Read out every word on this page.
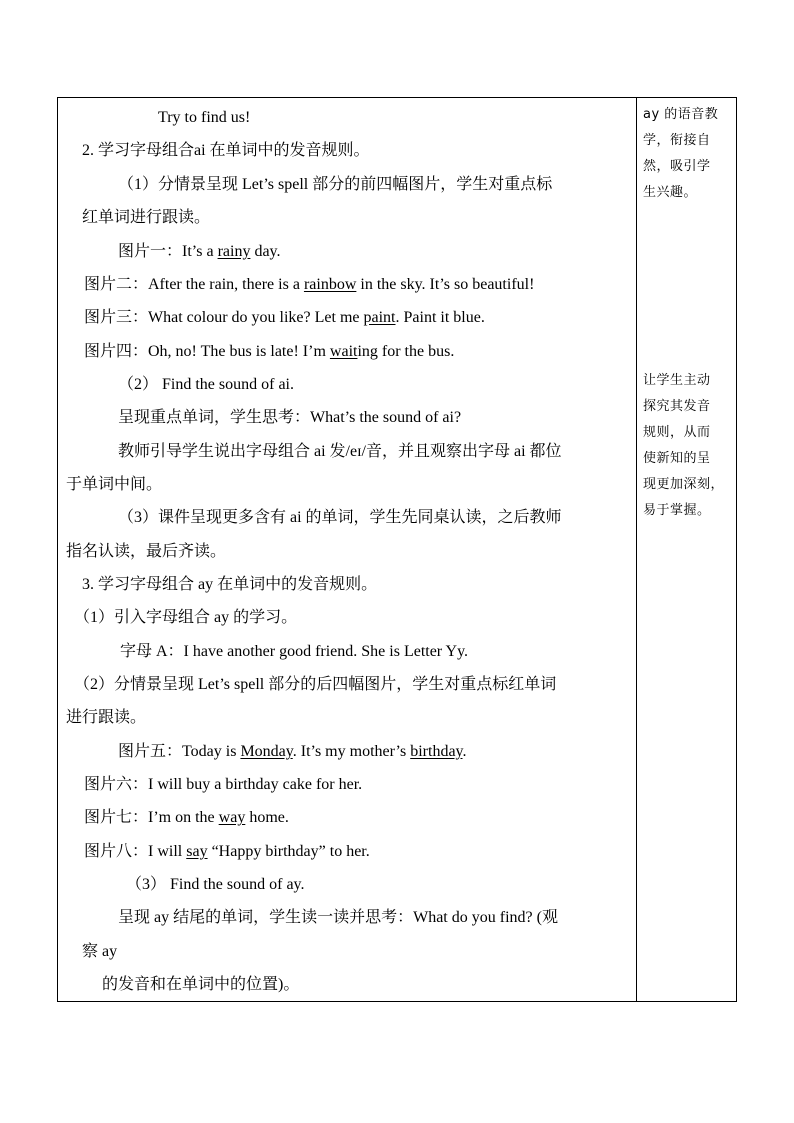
Try to find us!
2. 学习字母组合ai 在单词中的发音规则。
（1）分情景呈现 Let’s spell 部分的前四幅图片，学生对重点标
红单词进行跟读。
图片一：It’s a rainy day.
图片二：After the rain, there is a rainbow in the sky. It’s so beautiful!
图片三：What colour do you like? Let me paint. Paint it blue.
图片四：Oh, no! The bus is late! I’m waiting for the bus.
（2） Find the sound of ai.
呈现重点单词，学生思考：What’s the sound of ai?
教师引导学生说出字母组合 ai 发/eɪ/音，并且观察出字母 ai 都位
于单词中间。
（3）课件呈现更多含有 ai 的单词，学生先同桌认读，之后教师
指名认读，最后齐读。
3. 学习字母组合 ay 在单词中的发音规则。
（1）引入字母组合 ay 的学习。
字母 A：I have another good friend. She is Letter Yy.
（2）分情景呈现 Let’s spell 部分的后四幅图片，学生对重点标红单词
进行跟读。
图片五：Today is Monday. It’s my mother’s birthday.
图片六：I will buy a birthday cake for her.
图片七：I’m on the way home.
图片八：I will say “Happy birthday” to her.
（3） Find the sound of ay.
呈现 ay 结尾的单词，学生读一读并思考：What do you find? (观
察 ay
的发音和在单词中的位置)。
ay 的语音教
学，衔接自
然，吸引学
生兴趣。
让学生主动
探究其发音
规则，从而
使新知的呈
现更加深刻，
易于掌握。
